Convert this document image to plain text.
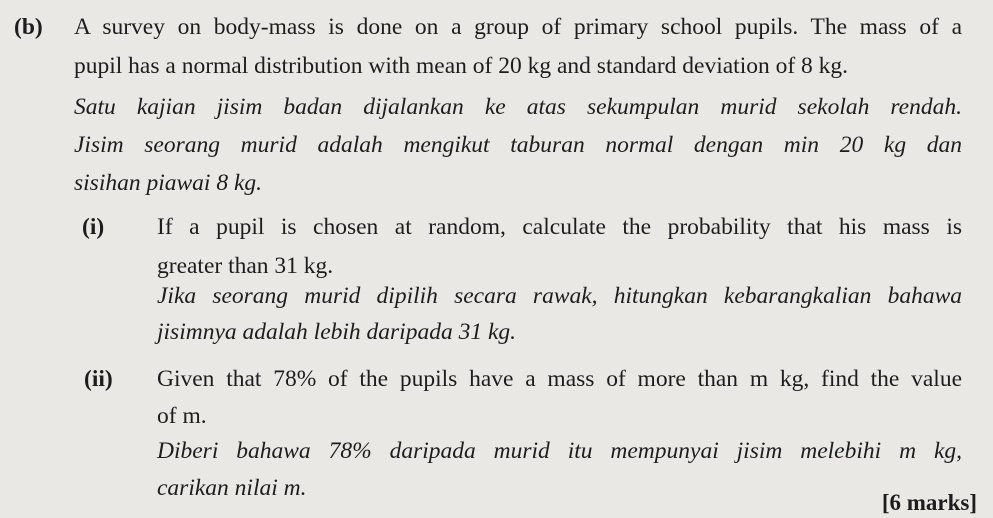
(b) A survey on body-mass is done on a group of primary school pupils. The mass of a
pupil has a normal distribution with mean of 20 kg and standard deviation of 8 kg.
Satu kajian jisim badan dijalankan ke atas sekumpulan murid sekolah rendah.
Jisim seorang murid adalah mengikut taburan normal dengan min 20 kg dan
sisihan piawai 8 kg.
(i) If a pupil is chosen at random, calculate the probability that his mass is
greater than 31 kg.
Jika seorang murid dipilih secara rawak, hitungkan kebarangkalian bahawa
jisimnya adalah lebih daripada 31 kg.
(ii) Given that 78% of the pupils have a mass of more than m kg, find the value
of m.
Diberi bahawa 78% daripada murid itu mempunyai jisim melebihi m kg,
carikan nilai m.
[6 marks]
